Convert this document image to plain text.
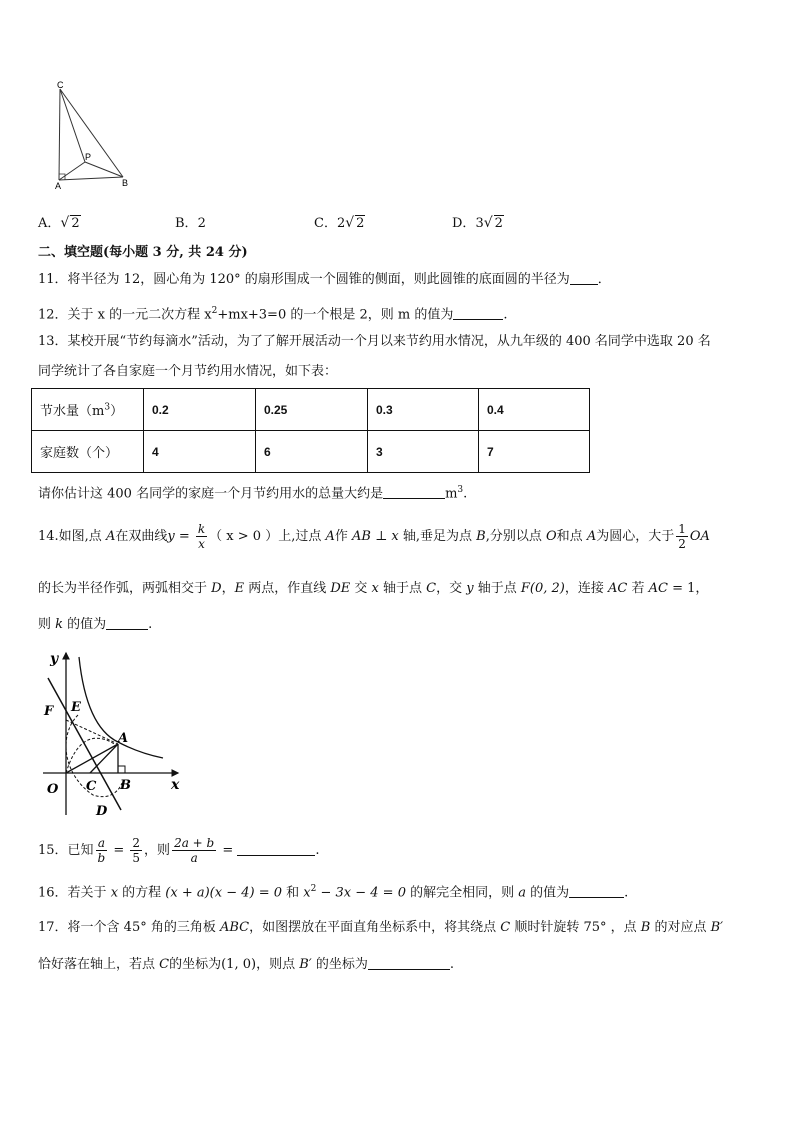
C
P
A	B
A．√ 2	B．2	C．2√ 2	D．3√ 2
二、填空题(每小题 3 分, 共 24 分)
11．将半径为 12，圆心角为 120° 的扇形围成一个圆锥的侧面，则此圆锥的底面圆的半径为 ．
12．关于 x 的一元二次方程 $x^2+mx+3=0$ 的一个根是 2，则 m 的值为	.
13．某校开展“节约每滴水”活动，为了了解开展活动一个月以来节约用水情况，从九年级的 400 名同学中选取 20 名
同学统计了各自家庭一个月节约用水情况，如下表：
节水量$(m^3)$	0.2	0.25	0.3	0.4
家庭数（个）	4	6	3	7
请你估计这 400 名同学的家庭一个月节约用水的总量大约是	$m^3$.
14.如图,点 A在双曲线$y = \frac{k}{x}$ （ x > 0 ）上,过点 A作 AB ⊥ x 轴,垂足为点 B,分别以点 O和点 A为圆心，大于 $\frac{1}{2}$ OA
的长为半径作弧，两弧相交于 D，E 两点，作直线 DE 交 x 轴于点 C，交 y 轴于点 F(0, 2)，连接 AC 若 AC = 1，
则 k 的值为	.
y
x
F E
A
O C B
D
15．已知 $\frac{a}{b} = \frac{2}{5}$ ，则 $\frac{2a + b}{a}$ =	.
16．若关于 x 的方程 (x + a)(x − 4) = 0 和 $x^2 - 3x - 4 = 0$ 的解完全相同，则 a 的值为	.
17．将一个含 45° 角的三角板 ABC，如图摆放在平面直角坐标系中，将其绕点 C 顺时针旋转 75° ，点 B 的对应点 B′
恰好落在轴上，若点 C的坐标为(1, 0)，则点 B′ 的坐标为	.
